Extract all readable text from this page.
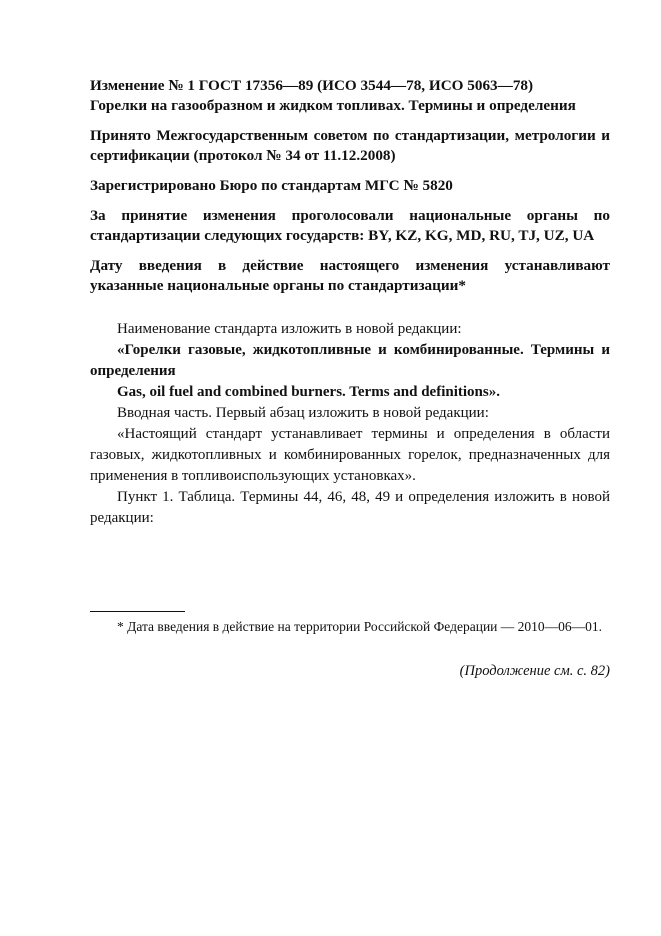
Изменение № 1 ГОСТ 17356—89 (ИСО 3544—78, ИСО 5063—78)
Горелки на газообразном и жидком топливах. Термины и определения

Принято Межгосударственным советом по стандартизации, метрологии и сертификации (протокол № 34 от 11.12.2008)

Зарегистрировано Бюро по стандартам МГС № 5820

За принятие изменения проголосовали национальные органы по стандартизации следующих государств: BY, KZ, KG, MD, RU, TJ, UZ, UA

Дату введения в действие настоящего изменения устанавливают указанные национальные органы по стандартизации*

Наименование стандарта изложить в новой редакции:

«Горелки газовые, жидкотопливные и комбинированные. Термины и определения

Gas, oil fuel and combined burners. Terms and definitions».

Вводная часть. Первый абзац изложить в новой редакции:

«Настоящий стандарт устанавливает термины и определения в области газовых, жидкотопливных и комбинированных горелок, предназначенных для применения в топливоиспользующих установках».

Пункт 1. Таблица. Термины 44, 46, 48, 49 и определения изложить в новой редакции:

* Дата введения в действие на территории Российской Федерации — 2010—06—01.

(Продолжение см. с. 82)
